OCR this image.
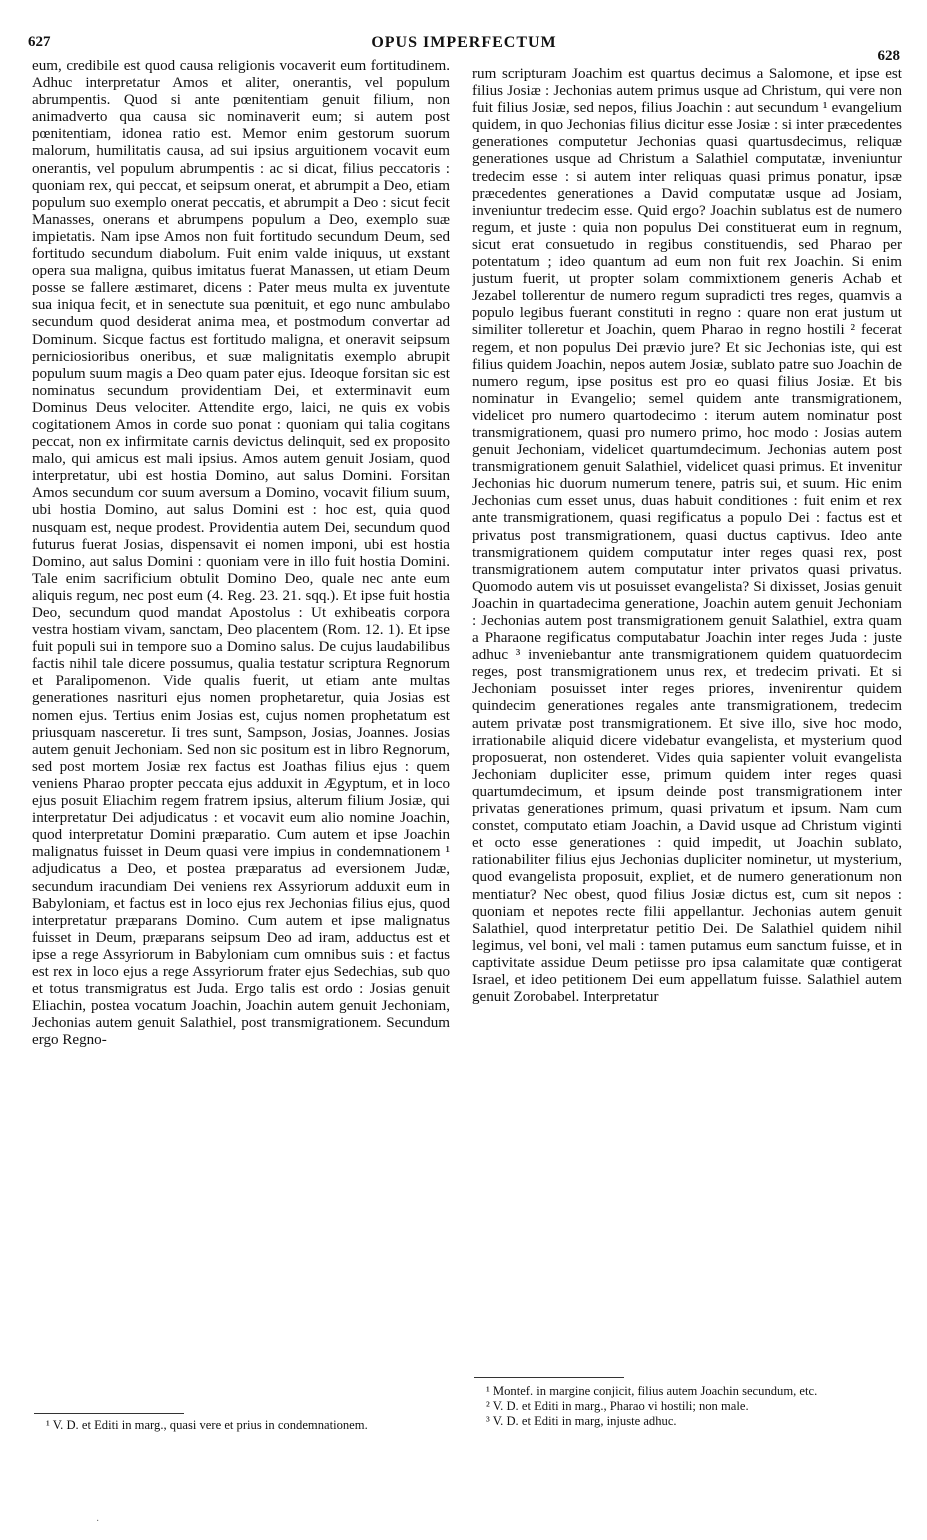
627	OPUS IMPERFECTUM
628

eum, credibile est quod causa religionis vocaverit eum fortitudinem. Adhuc interpretatur Amos et aliter, onerantis, vel populum abrumpentis. Quod si ante pœnitentiam genuit filium, non animadverto qua causa sic nominaverit eum; si autem post pœnitentiam, idonea ratio est. Memor enim gestorum suorum malorum, humilitatis causa, ad sui ipsius arguitionem vocavit eum onerantis, vel populum abrumpentis : ac si dicat, filius peccatoris : quoniam rex, qui peccat, et seipsum onerat, et abrumpit a Deo, etiam populum suo exemplo onerat peccatis, et abrumpit a Deo : sicut fecit Manasses, onerans et abrumpens populum a Deo, exemplo suæ impietatis. Nam ipse Amos non fuit fortitudo secundum Deum, sed fortitudo secundum diabolum. Fuit enim valde iniquus, ut exstant opera sua maligna, quibus imitatus fuerat Manassen, ut etiam Deum posse se fallere æstimaret, dicens : Pater meus multa ex juventute sua iniqua fecit, et in senectute sua pœnituit, et ego nunc ambulabo secundum quod desiderat anima mea, et postmodum convertar ad Dominum. Sicque factus est fortitudo maligna, et oneravit seipsum perniciosioribus oneribus, et suæ malignitatis exemplo abrupit populum suum magis a Deo quam pater ejus. Ideoque forsitan sic est nominatus secundum providentiam Dei, et exterminavit eum Dominus Deus velociter. Attendite ergo, laici, ne quis ex vobis cogitationem Amos in corde suo ponat : quoniam qui talia cogitans peccat, non ex infirmitate carnis devictus delinquit, sed ex proposito malo, qui amicus est mali ipsius. Amos autem genuit Josiam, quod interpretatur, ubi est hostia Domino, aut salus Domini. Forsitan Amos secundum cor suum aversum a Domino, vocavit filium suum, ubi hostia Domino, aut salus Domini est : hoc est, quia quod nusquam est, neque prodest. Providentia autem Dei, secundum quod futurus fuerat Josias, dispensavit ei nomen imponi, ubi est hostia Domino, aut salus Domini : quoniam vere in illo fuit hostia Domini. Tale enim sacrificium obtulit Domino Deo, quale nec ante eum aliquis regum, nec post eum (4. Reg. 23. 21. sqq.). Et ipse fuit hostia Deo, secundum quod mandat Apostolus : Ut exhibeatis corpora vestra hostiam vivam, sanctam, Deo placentem (Rom. 12. 1). Et ipse fuit populi sui in tempore suo a Domino salus. De cujus laudabilibus factis nihil tale dicere possumus, qualia testatur scriptura Regnorum et Paralipomenon. Vide qualis fuerit, ut etiam ante multas generationes nasrituri ejus nomen prophetaretur, quia Josias est nomen ejus. Tertius enim Josias est, cujus nomen prophetatum est priusquam nasceretur. Ii tres sunt, Sampson, Josias, Joannes. Josias autem genuit Jechoniam. Sed non sic positum est in libro Regnorum, sed post mortem Josiæ rex factus est Joathas filius ejus : quem veniens Pharao propter peccata ejus adduxit in Ægyptum, et in loco ejus posuit Eliachim regem fratrem ipsius, alterum filium Josiæ, qui interpretatur Dei adjudicatus : et vocavit eum alio nomine Joachin, quod interpretatur Domini præparatio. Cum autem et ipse Joachin malignatus fuisset in Deum quasi vere impius in condemnationem ¹ adjudicatus a Deo, et postea præparatus ad eversionem Judæ, secundum iracundiam Dei veniens rex Assyriorum adduxit eum in Babyloniam, et factus est in loco ejus rex Jechonias filius ejus, quod interpretatur præparans Domino. Cum autem et ipse malignatus fuisset in Deum, præparans seipsum Deo ad iram, adductus est et ipse a rege Assyriorum in Babyloniam cum omnibus suis : et factus est rex in loco ejus a rege Assyriorum frater ejus Sedechias, sub quo et totus transmigratus est Juda. Ergo talis est ordo : Josias genuit Eliachin, postea vocatum Joachin, Joachin autem genuit Jechoniam, Jechonias autem genuit Salathiel, post transmigrationem. Secundum ergo Regno-

rum scripturam Joachim est quartus decimus a Salomone, et ipse est filius Josiæ : Jechonias autem primus usque ad Christum, qui vere non fuit filius Josiæ, sed nepos, filius Joachin : aut secundum ¹ evangelium quidem, in quo Jechonias filius dicitur esse Josiæ : si inter præcedentes generationes computetur Jechonias quasi quartusdecimus, reliquæ generationes usque ad Christum a Salathiel computatæ, inveniuntur tredecim esse : si autem inter reliquas quasi primus ponatur, ipsæ præcedentes generationes a David computatæ usque ad Josiam, inveniuntur tredecim esse. Quid ergo? Joachin sublatus est de numero regum, et juste : quia non populus Dei constituerat eum in regnum, sicut erat consuetudo in regibus constituendis, sed Pharao per potentatum ; ideo quantum ad eum non fuit rex Joachin. Si enim justum fuerit, ut propter solam commixtionem generis Achab et Jezabel tollerentur de numero regum supradicti tres reges, quamvis a populo legibus fuerant constituti in regno : quare non erat justum ut similiter tolleretur et Joachin, quem Pharao in regno hostili ² fecerat regem, et non populus Dei prævio jure? Et sic Jechonias iste, qui est filius quidem Joachin, nepos autem Josiæ, sublato patre suo Joachin de numero regum, ipse positus est pro eo quasi filius Josiæ. Et bis nominatur in Evangelio; semel quidem ante transmigrationem, videlicet pro numero quartodecimo : iterum autem nominatur post transmigrationem, quasi pro numero primo, hoc modo : Josias autem genuit Jechoniam, videlicet quartumdecimum. Jechonias autem post transmigrationem genuit Salathiel, videlicet quasi primus. Et invenitur Jechonias hic duorum numerum tenere, patris sui, et suum. Hic enim Jechonias cum esset unus, duas habuit conditiones : fuit enim et rex ante transmigrationem, quasi regificatus a populo Dei : factus est et privatus post transmigrationem, quasi ductus captivus. Ideo ante transmigrationem quidem computatur inter reges quasi rex, post transmigrationem autem computatur inter privatos quasi privatus. Quomodo autem vis ut posuisset evangelista? Si dixisset, Josias genuit Joachin in quartadecima generatione, Joachin autem genuit Jechoniam : Jechonias autem post transmigrationem genuit Salathiel, extra quam a Pharaone regificatus computabatur Joachin inter reges Juda : juste adhuc ³ inveniebantur ante transmigrationem quidem quatuordecim reges, post transmigrationem unus rex, et tredecim privati. Et si Jechoniam posuisset inter reges priores, invenirentur quidem quindecim generationes regales ante transmigrationem, tredecim autem privatæ post transmigrationem. Et sive illo, sive hoc modo, irrationabile aliquid dicere videbatur evangelista, et mysterium quod proposuerat, non ostenderet. Vides quia sapienter voluit evangelista Jechoniam dupliciter esse, primum quidem inter reges quasi quartumdecimum, et ipsum deinde post transmigrationem inter privatas generationes primum, quasi privatum et ipsum. Nam cum constet, computato etiam Joachin, a David usque ad Christum viginti et octo esse generationes : quid impedit, ut Joachin sublato, rationabiliter filius ejus Jechonias dupliciter nominetur, ut mysterium, quod evangelista proposuit, expliet, et de numero generationum non mentiatur? Nec obest, quod filius Josiæ dictus est, cum sit nepos : quoniam et nepotes recte filii appellantur. Jechonias autem genuit Salathiel, quod interpretatur petitio Dei. De Salathiel quidem nihil legimus, vel boni, vel mali : tamen putamus eum sanctum fuisse, et in captivitate assidue Deum petiisse pro ipsa calamitate quæ contigerat Israel, et ideo petitionem Dei eum appellatum fuisse. Salathiel autem genuit Zorobabel. Interpretatur

¹ V. D. et Editi in marg., quasi vere et prius in condemnationem.

¹ Montef. in margine conjicit, filius autem Joachin secundum, etc.

² V. D. et Editi in marg., Pharao vi hostili; non male.

³ V. D. et Editi in marg, injuste adhuc.

·
